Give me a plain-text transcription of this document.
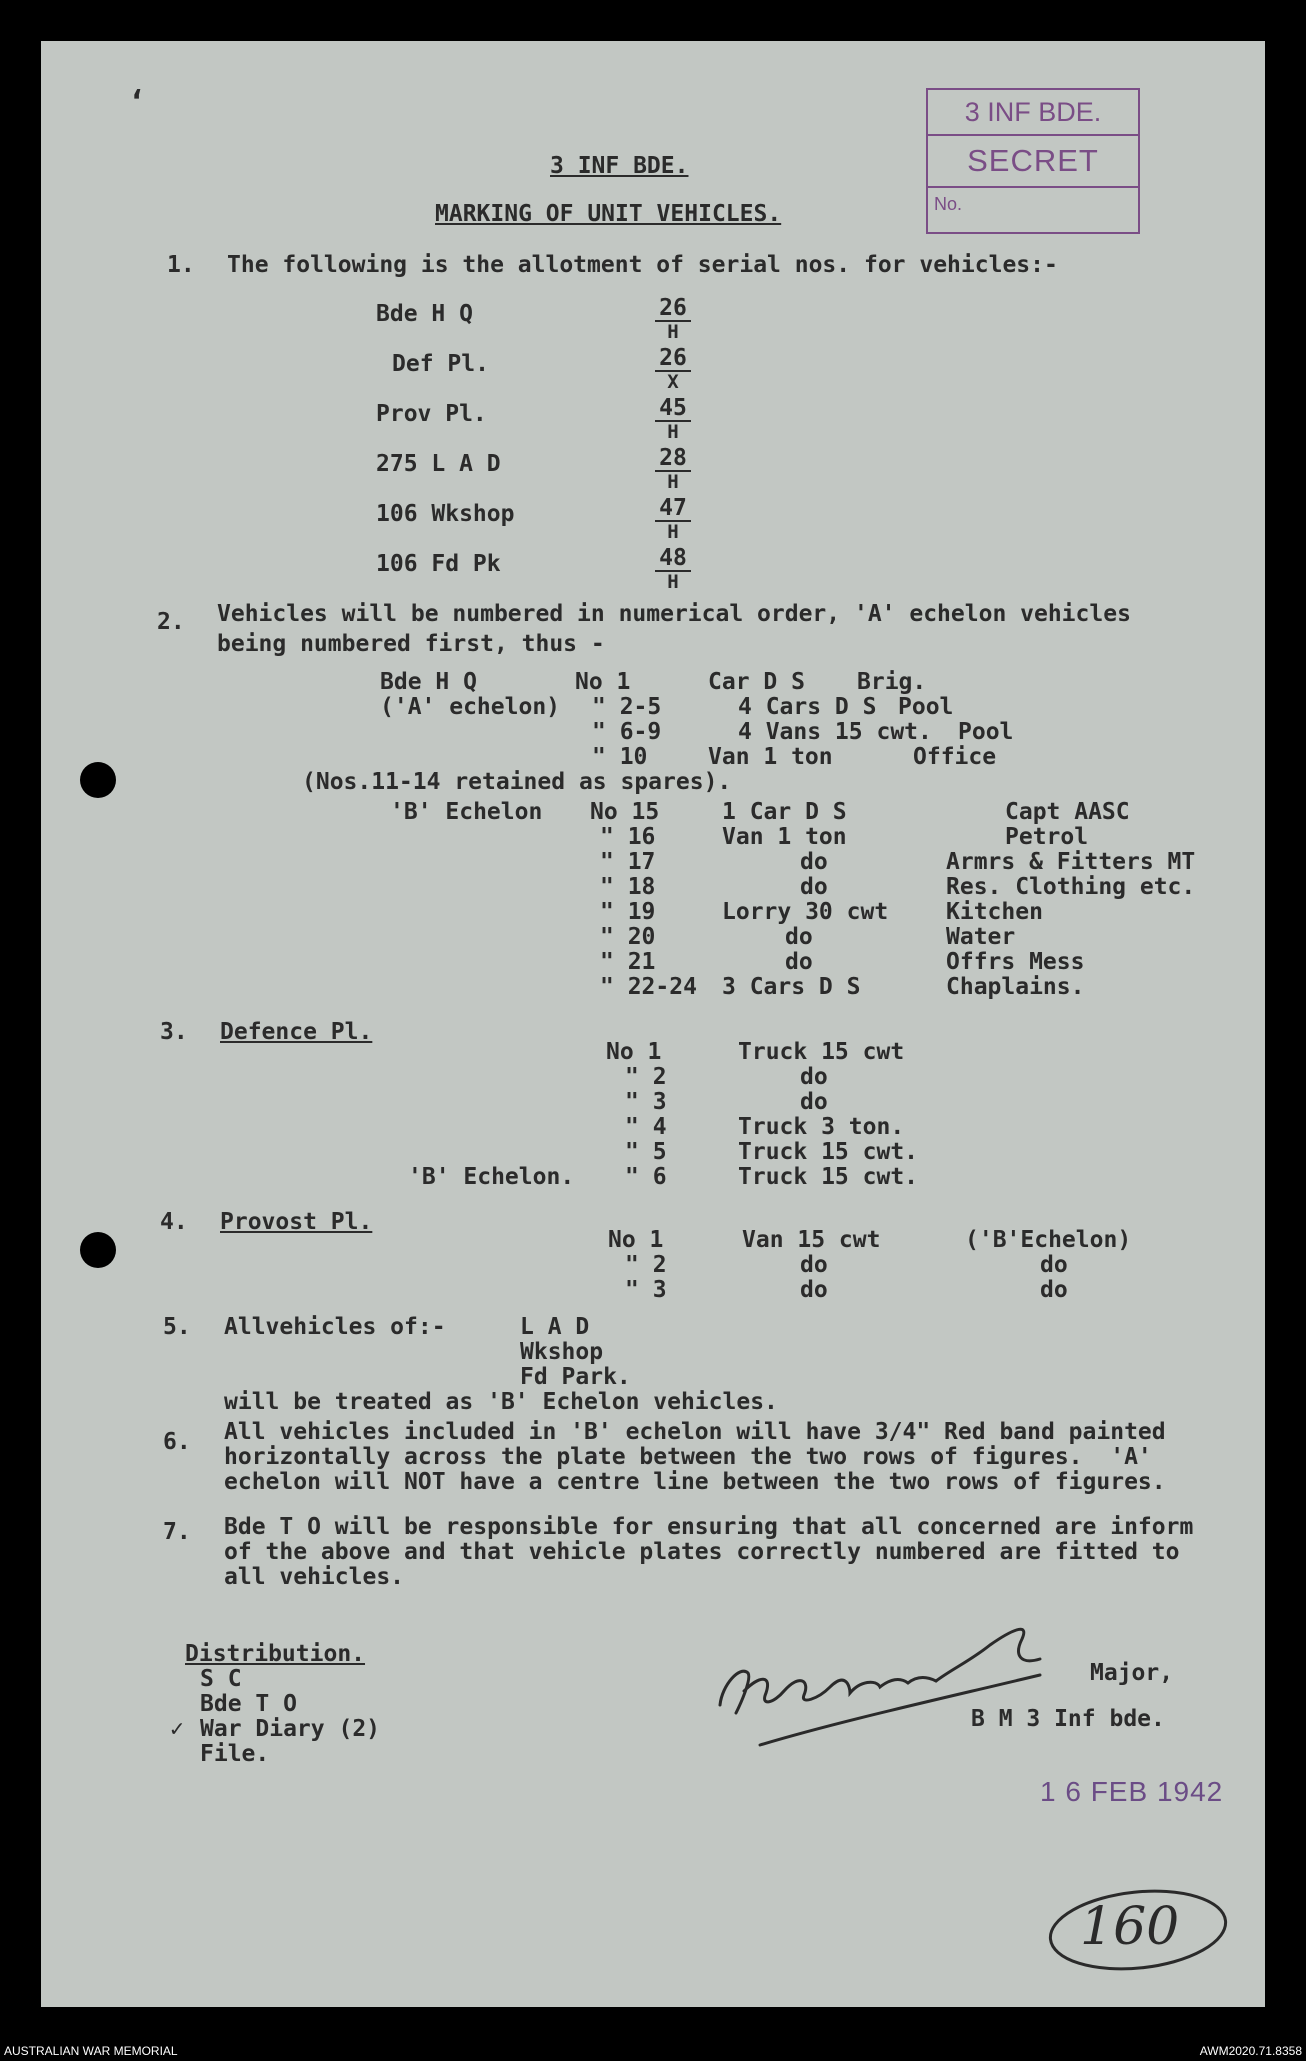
‘	3 INF BDE.
SECRET
No.
3 INF BDE.
MARKING OF UNIT VEHICLES.
1. The following is the allotment of serial nos. for vehicles:-
Bde H Q	26
H
Def Pl.	26
X
Prov Pl.	45
H
275 L A D	28
H
106 Wkshop	47
H
106 Fd Pk	48
H
2. Vehicles will be numbered in numerical order, 'A' echelon vehicles
being numbered first, thus -
Bde H Q
('A' echelon)
No 1	Car D S Brig.
" 2-5	4 Cars D S Pool
" 6-9	4 Vans 15 cwt. Pool
" 10	Van 1 ton	Office
(Nos.11-14 retained as spares).
'B' Echelon No 15	1 Car D S	Capt AASC
" 16	Van 1 ton	Petrol
" 17	do	Armrs & Fitters MT
" 18	do	Res. Clothing etc.
" 19	Lorry 30 cwt	Kitchen
" 20	do	Water
" 21	do	Offrs Mess
" 22-24 3 Cars D S	Chaplains.
3. Defence Pl.
No 1	Truck 15 cwt
" 2	do
" 3	do
" 4	Truck 3 ton.
" 5	Truck 15 cwt.
'B' Echelon. " 6	Truck 15 cwt.
4. Provost Pl.
No 1	Van 15 cwt	('B'Echelon)
" 2	do	do
" 3	do	do
5. Allvehicles of:-	L A D
Wkshop
Fd Park.
will be treated as 'B' Echelon vehicles.
6. All vehicles included in 'B' echelon will have 3/4" Red band painted
horizontally across the plate between the two rows of figures.  'A'
echelon will NOT have a centre line between the two rows of figures.
7. Bde T O will be responsible for ensuring that all concerned are inform
of the above and that vehicle plates correctly numbered are fitted to
all vehicles.
Distribution.
S C
Bde T O
✓ War Diary (2)
File.
Major,
B M 3 Inf bde.
1 6 FEB 1942
160
AUSTRALIAN WAR MEMORIAL	AWM2020.71.8358
